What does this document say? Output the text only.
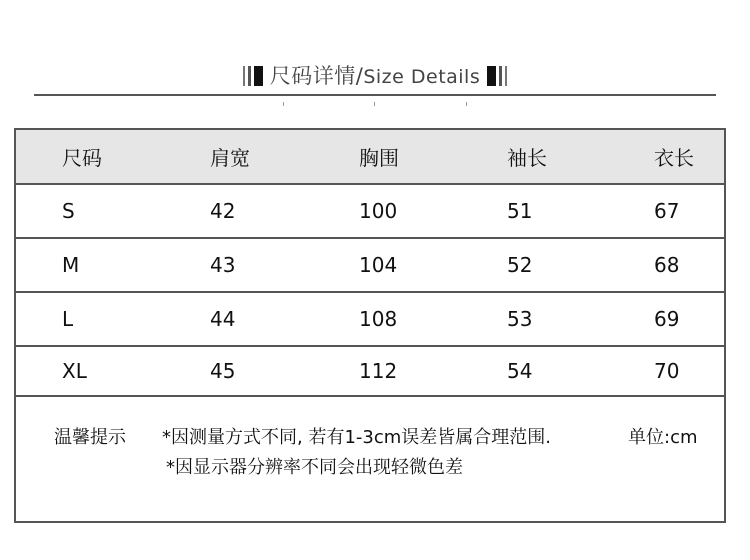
尺码详情/Size Details
尺码	肩宽	胸围	袖长	衣长
S	42	100	51	67
M	43	104	52	68
L	44	108	53	69
XL	45	112	54	70
温馨提示 *因测量方式不同, 若有1-3cm误差皆属合理范围.	单位:cm
*因显示器分辨率不同会出现轻微色差
